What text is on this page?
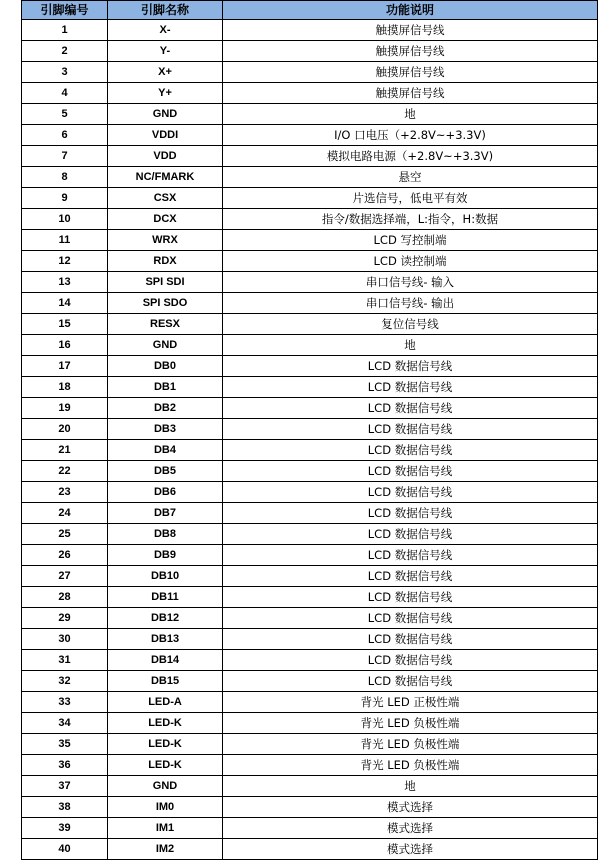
引脚编号	引脚名称	功能说明
1	X-	触摸屏信号线
2	Y-	触摸屏信号线
3	X+	触摸屏信号线
4	Y+	触摸屏信号线
5	GND	地
6	VDDI	I/O 口电压（+2.8V~+3.3V)
7	VDD	模拟电路电源（+2.8V~+3.3V)
8	NC/FMARK	悬空
9	CSX	片选信号，低电平有效
10	DCX	指令/数据选择端，L:指令，H:数据
11	WRX	LCD 写控制端
12	RDX	LCD 读控制端
13	SPI SDI	串口信号线- 输入
14	SPI SDO	串口信号线- 输出
15	RESX	复位信号线
16	GND	地
17	DB0	LCD 数据信号线
18	DB1	LCD 数据信号线
19	DB2	LCD 数据信号线
20	DB3	LCD 数据信号线
21	DB4	LCD 数据信号线
22	DB5	LCD 数据信号线
23	DB6	LCD 数据信号线
24	DB7	LCD 数据信号线
25	DB8	LCD 数据信号线
26	DB9	LCD 数据信号线
27	DB10	LCD 数据信号线
28	DB11	LCD 数据信号线
29	DB12	LCD 数据信号线
30	DB13	LCD 数据信号线
31	DB14	LCD 数据信号线
32	DB15	LCD 数据信号线
33	LED-A	背光 LED 正极性端
34	LED-K	背光 LED 负极性端
35	LED-K	背光 LED 负极性端
36	LED-K	背光 LED 负极性端
37	GND	地
38	IM0	模式选择
39	IM1	模式选择
40	IM2	模式选择
